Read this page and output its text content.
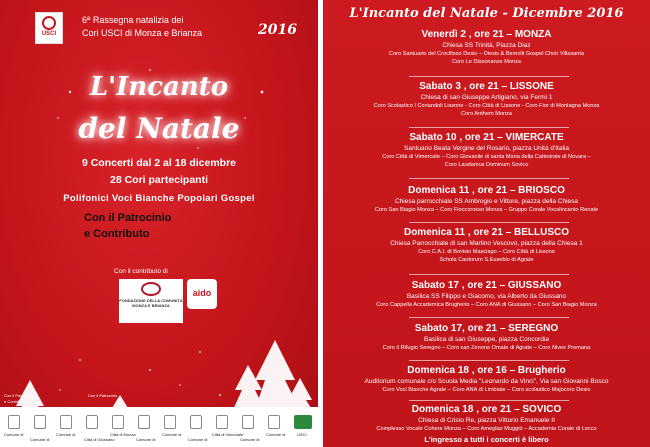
USCI
6ª Rassegna natalizia dei
Cori USCI di Monza e Brianza	2016
L'Incanto
del Natale
9 Concerti dal 2 al 18 dicembre
28 Cori partecipanti
Polifonici Voci Bianche Popolari Gospel
Con il Patrocinio
e Contributo
Con il contributo di
FONDAZIONE DELLA COMUNITÀ MONZA E BRIANZA
aido
Con il Patrocinio
e Contributo
Con il Patrocinio
Comune di
Comune di
Comune di
Città di Giussano
Città di Monza
Comune di
Comune di
Comune di
Città di Vimercate
Comune di
Comune di	USCI
L'Incanto del Natale - Dicembre 2016
Venerdì 2 , ore 21 – MONZA
Chiesa SS Trinità, Piazza Diaz
Coro Santuario del Crocifisso Desio – Diesis & Bemolli Gospel Choir Villasanta
Coro Le Dissonanze Monza
Sabato 3 , ore 21 – LISSONE
Chiesa di san Giuseppe Artigiano, via Fermi 1
Coro Scolastico I Coriandoli Lissone - Coro Città di Lissone - Coro Fior di Montagna Monza
Coro Anthem Monza
Sabato 10 , ore 21 – VIMERCATE
Santuario Beata Vergine del Rosario, piazza Unità d'Italia
Coro Città di Vimercate – Coro Giovanile di santa Maria della Cattedrale di Novara –
Coro Laudamus Dominum Sovico
Domenica 11 , ore 21 – BRIOSCO
Chiesa parrocchiale SS Ambrogio e Vittore, piazza della Chiesa
Coro San Biagio Monza – Coro Fioccorosso Monza – Gruppo Corale Vocalincanto Renate
Domenica 11 , ore 21 – BELLUSCO
Chiesa Parrocchiale di san Martino Vescovo, piazza della Chiesa 1
Coro C.A.I. di Bovisio Masciago – Coro Città di Lissone
Schola Cantorum S.Eusebio di Agrate
Sabato 17 , ore 21 – GIUSSANO
Basilica SS Filippo e Giacomo, via Alberto da Giussano
Coro Cappella Accademica Brugherio – Coro ANA di Giussano – Coro San Biagio Monza
Sabato 17, ore 21 – SEREGNO
Basilica di san Giuseppe, piazza Concordia
Coro il Rifugio Seregno – Coro san Zenone Omate di Agrate – Coro Nives Premana
Domenica 18 , ore 16 – Brugherio
Auditorium comunale c/o Scuola Media "Leonardo da Vinci", Via san Giovanni Bosco
Coro Voci Bianche Agrate – Coro ANA di Limbiate – Coro scolastico Majocoro Desio
Domenica 18 , ore 21 – SOVICO
Chiesa di Cristo Re, piazza Vittorio Emanuele II
Complesso Vocale Cohere Monza – Coro Ameglao Muggiò – Accademia Corale di Lecco
L'ingresso a tutti i concerti è libero
